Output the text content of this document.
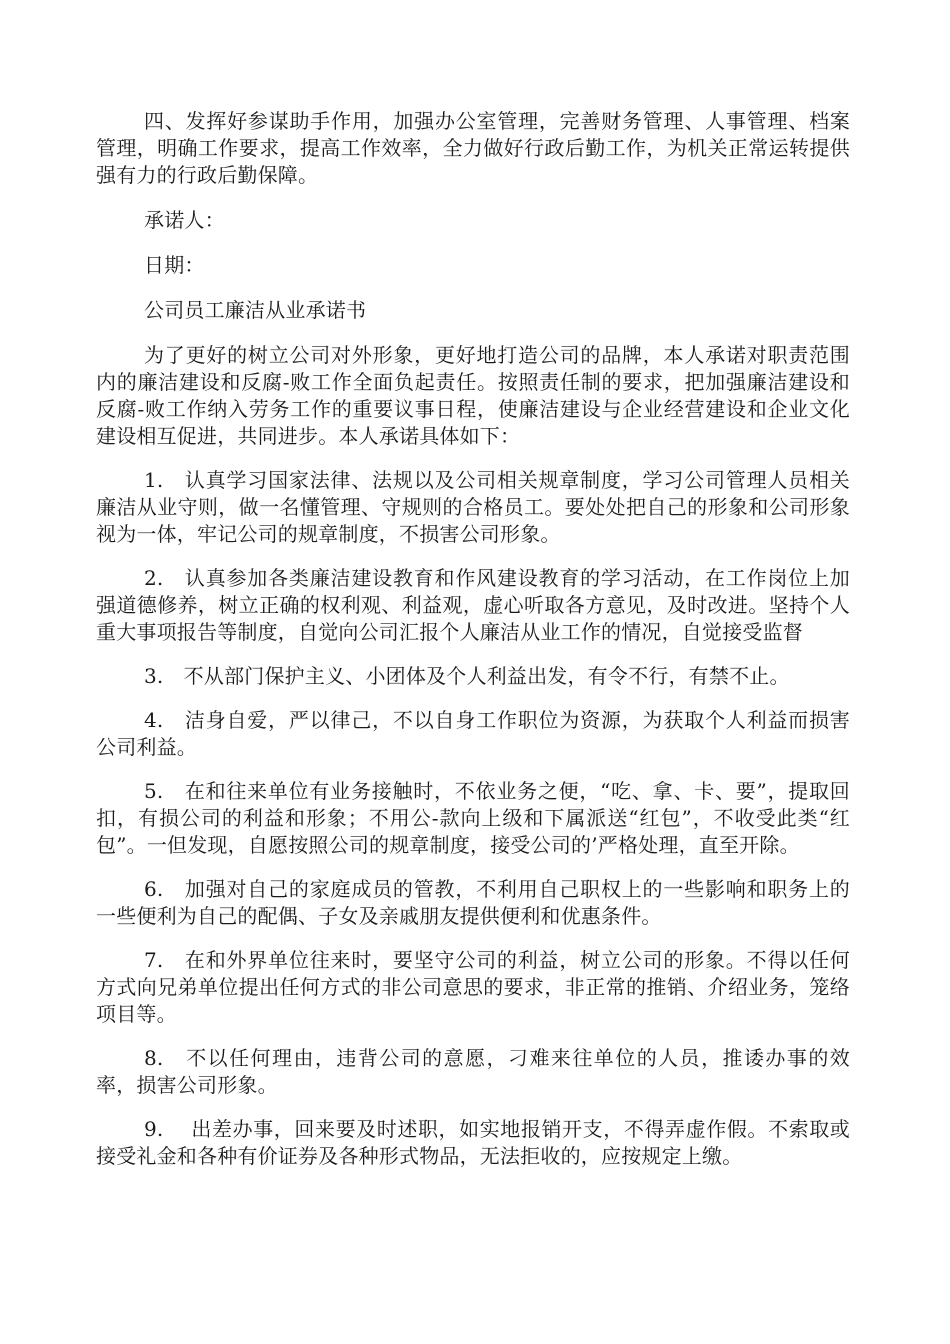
四、发挥好参谋助手作用，加强办公室管理，完善财务管理、人事管理、档案管理，明确工作要求，提高工作效率，全力做好行政后勤工作，为机关正常运转提供强有力的行政后勤保障。

承诺人：

日期：

公司员工廉洁从业承诺书

为了更好的树立公司对外形象，更好地打造公司的品牌，本人承诺对职责范围内的廉洁建设和反腐-败工作全面负起责任。按照责任制的要求，把加强廉洁建设和反腐-败工作纳入劳务工作的重要议事日程，使廉洁建设与企业经营建设和企业文化建设相互促进，共同进步。本人承诺具体如下：

1.　认真学习国家法律、法规以及公司相关规章制度，学习公司管理人员相关廉洁从业守则，做一名懂管理、守规则的合格员工。要处处把自己的形象和公司形象视为一体，牢记公司的规章制度，不损害公司形象。

2.　认真参加各类廉洁建设教育和作风建设教育的学习活动，在工作岗位上加强道德修养，树立正确的权利观、利益观，虚心听取各方意见，及时改进。坚持个人重大事项报告等制度，自觉向公司汇报个人廉洁从业工作的情况，自觉接受监督

3.　不从部门保护主义、小团体及个人利益出发，有令不行，有禁不止。

4.　洁身自爱，严以律己，不以自身工作职位为资源，为获取个人利益而损害公司利益。

5.　在和往来单位有业务接触时，不依业务之便，“吃、拿、卡、要”，提取回扣，有损公司的利益和形象；不用公-款向上级和下属派送“红包”，不收受此类“红包”。一但发现，自愿按照公司的规章制度，接受公司的’严格处理，直至开除。

6.　加强对自己的家庭成员的管教，不利用自己职权上的一些影响和职务上的一些便利为自己的配偶、子女及亲戚朋友提供便利和优惠条件。

7.　在和外界单位往来时，要坚守公司的利益，树立公司的形象。不得以任何方式向兄弟单位提出任何方式的非公司意思的要求，非正常的推销、介绍业务，笼络项目等。

8.　不以任何理由，违背公司的意愿，刁难来往单位的人员，推诿办事的效率，损害公司形象。

9.　 出差办事，回来要及时述职，如实地报销开支，不得弄虚作假。不索取或接受礼金和各种有价证券及各种形式物品，无法拒收的，应按规定上缴。
